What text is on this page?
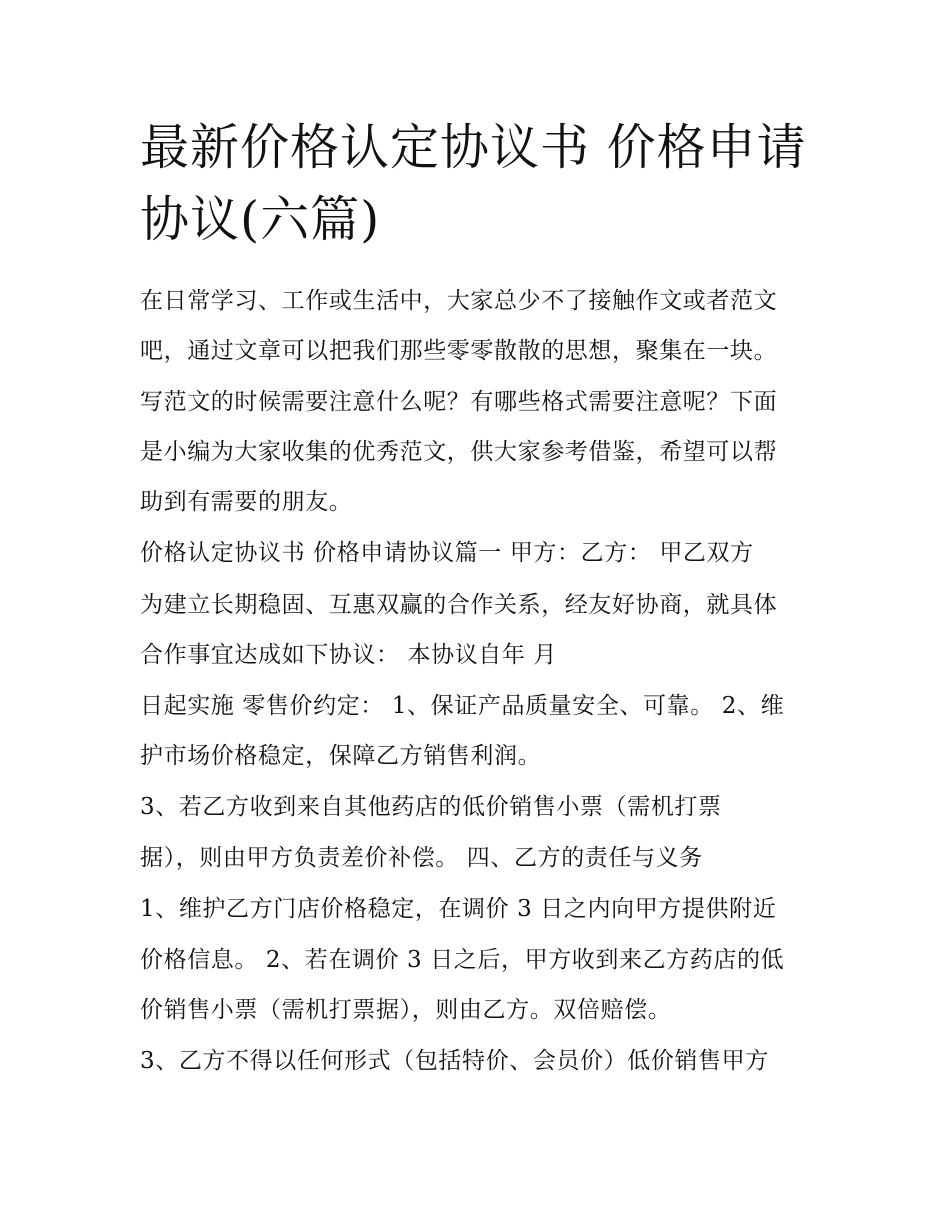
最新价格认定协议书 价格申请
协议(六篇)
在日常学习、工作或生活中，大家总少不了接触作文或者范文
吧，通过文章可以把我们那些零零散散的思想，聚集在一块。
写范文的时候需要注意什么呢？有哪些格式需要注意呢？下面
是小编为大家收集的优秀范文，供大家参考借鉴，希望可以帮
助到有需要的朋友。
价格认定协议书 价格申请协议篇一 甲方：乙方： 甲乙双方
为建立长期稳固、互惠双赢的合作关系，经友好协商，就具体
合作事宜达成如下协议： 本协议自年 月
日起实施 零售价约定： 1、保证产品质量安全、可靠。 2、维
护市场价格稳定，保障乙方销售利润。
3、若乙方收到来自其他药店的低价销售小票（需机打票
据），则由甲方负责差价补偿。 四、乙方的责任与义务
1、维护乙方门店价格稳定，在调价 3 日之内向甲方提供附近
价格信息。 2、若在调价 3 日之后，甲方收到来乙方药店的低
价销售小票（需机打票据），则由乙方。双倍赔偿。
3、乙方不得以任何形式（包括特价、会员价）低价销售甲方
